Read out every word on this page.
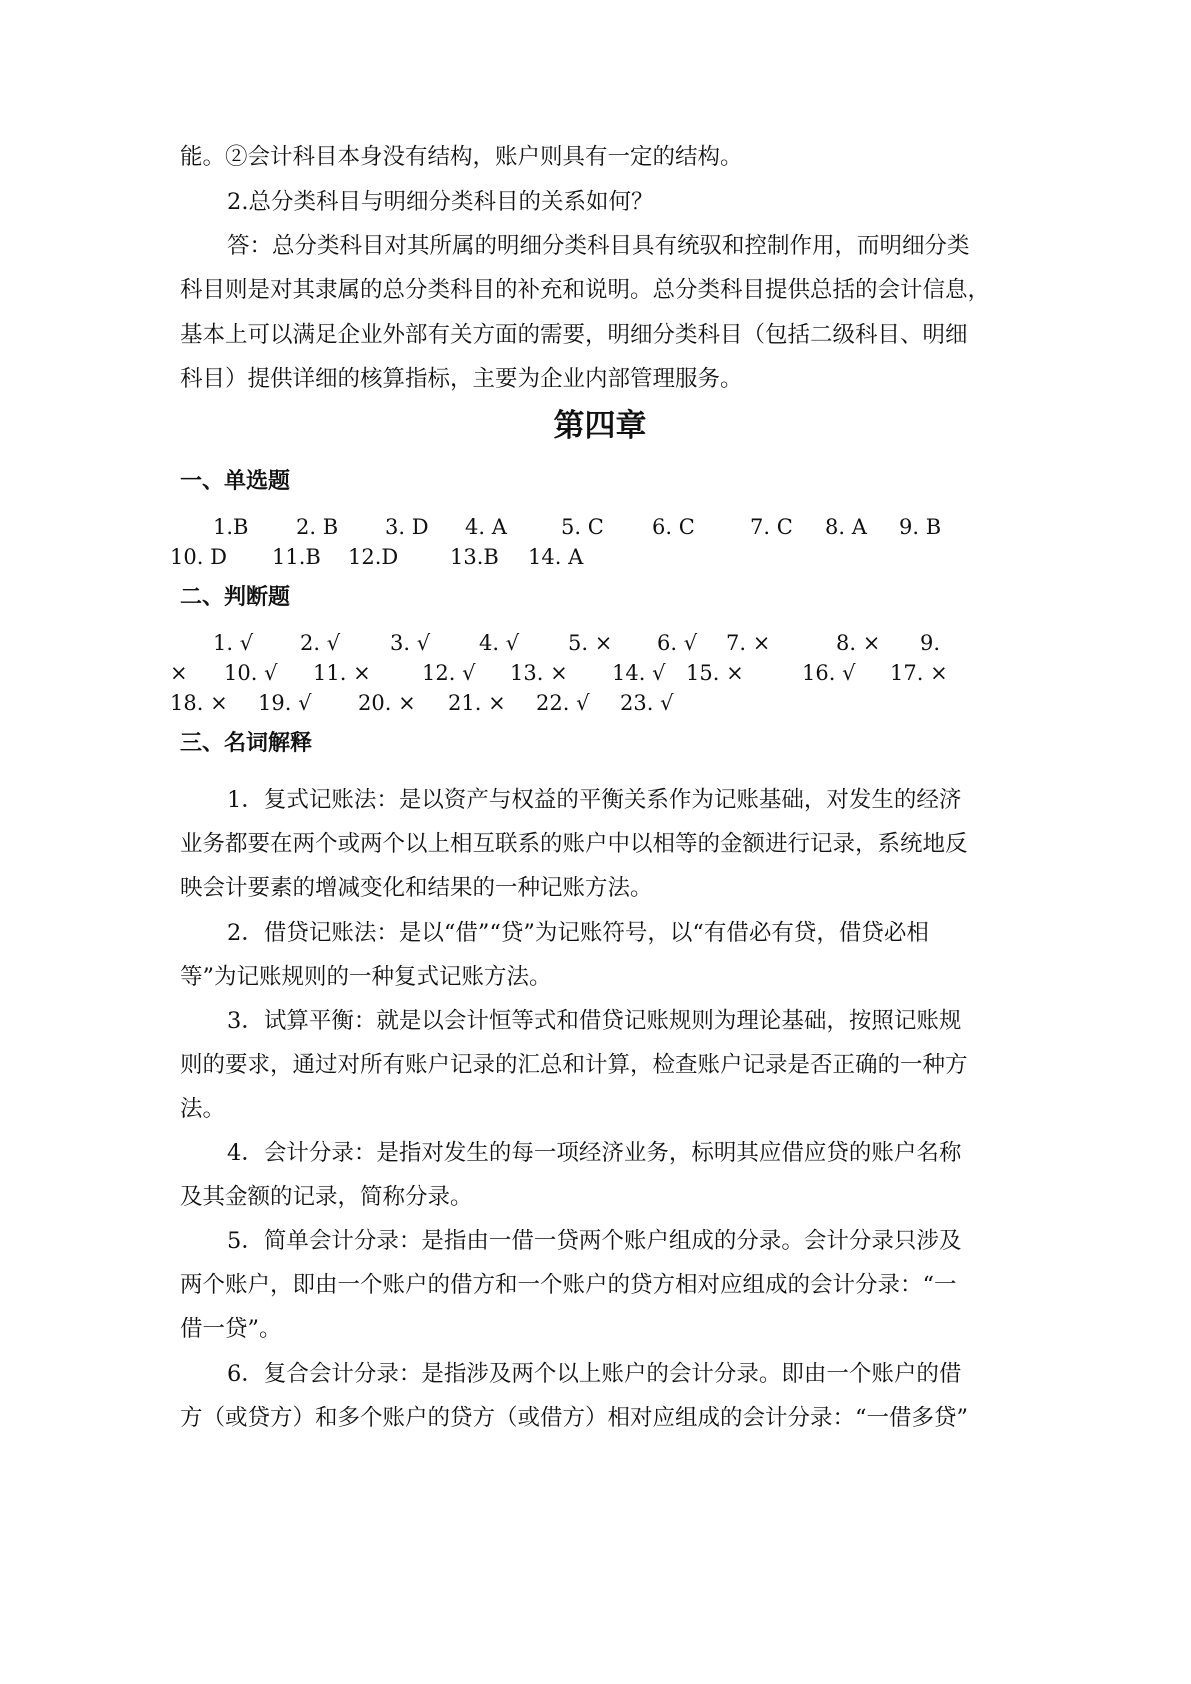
能。②会计科目本身没有结构，账户则具有一定的结构。
2.总分类科目与明细分类科目的关系如何？
答：总分类科目对其所属的明细分类科目具有统驭和控制作用，而明细分类
科目则是对其隶属的总分类科目的补充和说明。总分类科目提供总括的会计信息，
基本上可以满足企业外部有关方面的需要，明细分类科目（包括二级科目、明细
科目）提供详细的核算指标，主要为企业内部管理服务。
第四章
一、单选题
1.B 2. B 3. D 4. A	5. C 6. C	7. C 8. A 9. B
10. D 11.B 12.D 13.B 14. A
二、判断题
1. √ 2. √ 3. √ 4. √ 5. × 6. √ 7. ×	8. × 9.
× 10. √ 11. × 12. √ 13. × 14. √ 15. ×	16. √ 17. ×
18. × 19. √ 20. × 21. × 22. √ 23. √
三、名词解释
1．复式记账法：是以资产与权益的平衡关系作为记账基础，对发生的经济
业务都要在两个或两个以上相互联系的账户中以相等的金额进行记录，系统地反
映会计要素的增减变化和结果的一种记账方法。
2．借贷记账法：是以“借”“贷”为记账符号，以“有借必有贷，借贷必相
等”为记账规则的一种复式记账方法。
3．试算平衡：就是以会计恒等式和借贷记账规则为理论基础，按照记账规
则的要求，通过对所有账户记录的汇总和计算，检查账户记录是否正确的一种方
法。
4．会计分录：是指对发生的每一项经济业务，标明其应借应贷的账户名称
及其金额的记录，简称分录。
5．简单会计分录：是指由一借一贷两个账户组成的分录。会计分录只涉及
两个账户，即由一个账户的借方和一个账户的贷方相对应组成的会计分录：“一
借一贷”。
6．复合会计分录：是指涉及两个以上账户的会计分录。即由一个账户的借
方（或贷方）和多个账户的贷方（或借方）相对应组成的会计分录：“一借多贷”
